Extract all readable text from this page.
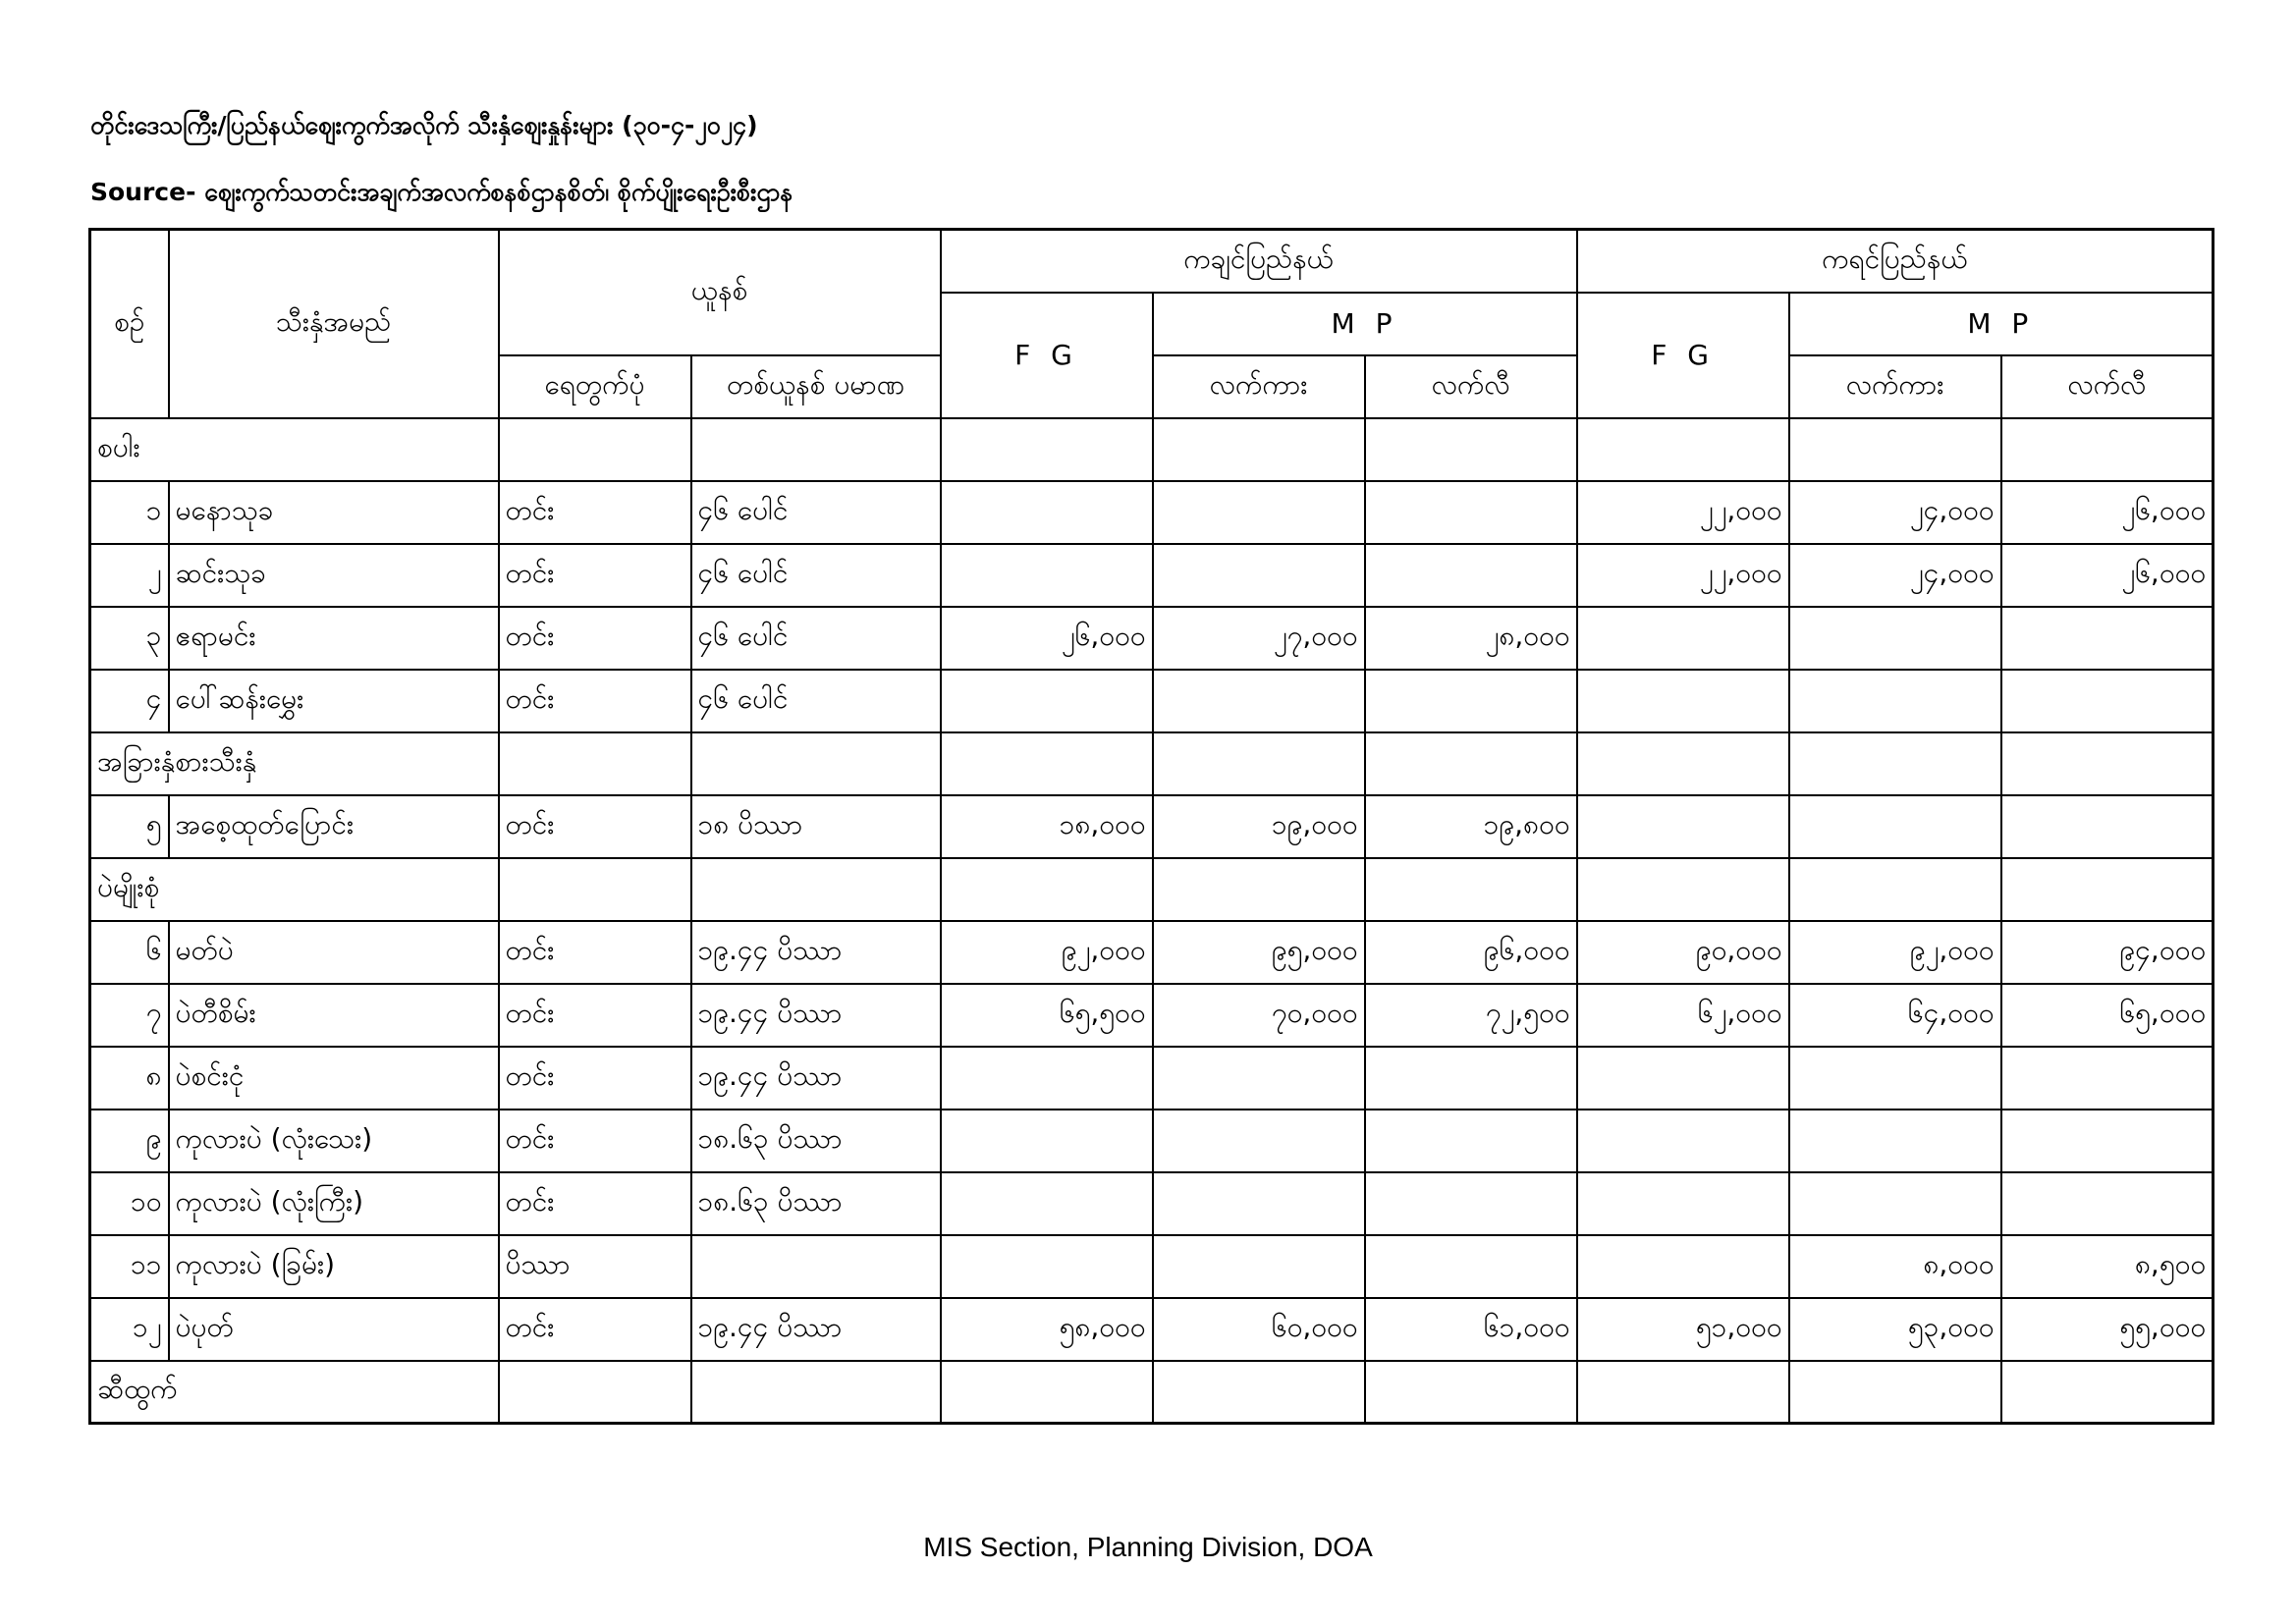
တိုင်းဒေသကြီး/ပြည်နယ်ဈေးကွက်အလိုက် သီးနှံဈေးနှုန်းများ (၃၀-၄-၂၀၂၄)
Source- ဈေးကွက်သတင်းအချက်အလက်စနစ်ဌာနစိတ်၊ စိုက်ပျိုးရေးဦးစီးဌာန
စဉ်	သီးနှံအမည်	ယူနစ်		ကချင်ပြည်နယ်			ကရင်ပြည်နယ်		
				F G	M P		F G	M P	
		ရေတွက်ပုံ	တစ်ယူနစ် ပမာဏ		လက်ကား	လက်လီ		လက်ကား	လက်လီ
စပါး									
၁	မနောသုခ	တင်း	၄၆ ပေါင်				၂၂,၀၀၀	၂၄,၀၀၀	၂၆,၀၀၀
၂	ဆင်းသုခ	တင်း	၄၆ ပေါင်				၂၂,၀၀၀	၂၄,၀၀၀	၂၆,၀၀၀
၃	ဧရာမင်း	တင်း	၄၆ ပေါင်	၂၆,၀၀၀	၂၇,၀၀၀	၂၈,၀၀၀			
၄	ပေါ်ဆန်းမွှေး	တင်း	၄၆ ပေါင်						
အခြားနှံစားသီးနှံ									
၅	အစေ့ထုတ်ပြောင်း	တင်း	၁၈ ပိဿာ	၁၈,၀၀၀	၁၉,၀၀၀	၁၉,၈၀၀			
ပဲမျိုးစုံ									
၆	မတ်ပဲ	တင်း	၁၉.၄၄ ပိဿာ	၉၂,၀၀၀	၉၅,၀၀၀	၉၆,၀၀၀	၉၀,၀၀၀	၉၂,၀၀၀	၉၄,၀၀၀
၇	ပဲတီစိမ်း	တင်း	၁၉.၄၄ ပိဿာ	၆၅,၅၀၀	၇၀,၀၀၀	၇၂,၅၀၀	၆၂,၀၀၀	၆၄,၀၀၀	၆၅,၀၀၀
၈	ပဲစင်းငုံ	တင်း	၁၉.၄၄ ပိဿာ						
၉	ကုလားပဲ (လုံးသေး)	တင်း	၁၈.၆၃ ပိဿာ						
၁၀	ကုလားပဲ (လုံးကြီး)	တင်း	၁၈.၆၃ ပိဿာ						
၁၁	ကုလားပဲ (ခြမ်း)	ပိဿာ						၈,၀၀၀	၈,၅၀၀
၁၂	ပဲပုတ်	တင်း	၁၉.၄၄ ပိဿာ	၅၈,၀၀၀	၆၀,၀၀၀	၆၁,၀၀၀	၅၁,၀၀၀	၅၃,၀၀၀	၅၅,၀၀၀
ဆီထွက်									
MIS Section, Planning Division, DOA
